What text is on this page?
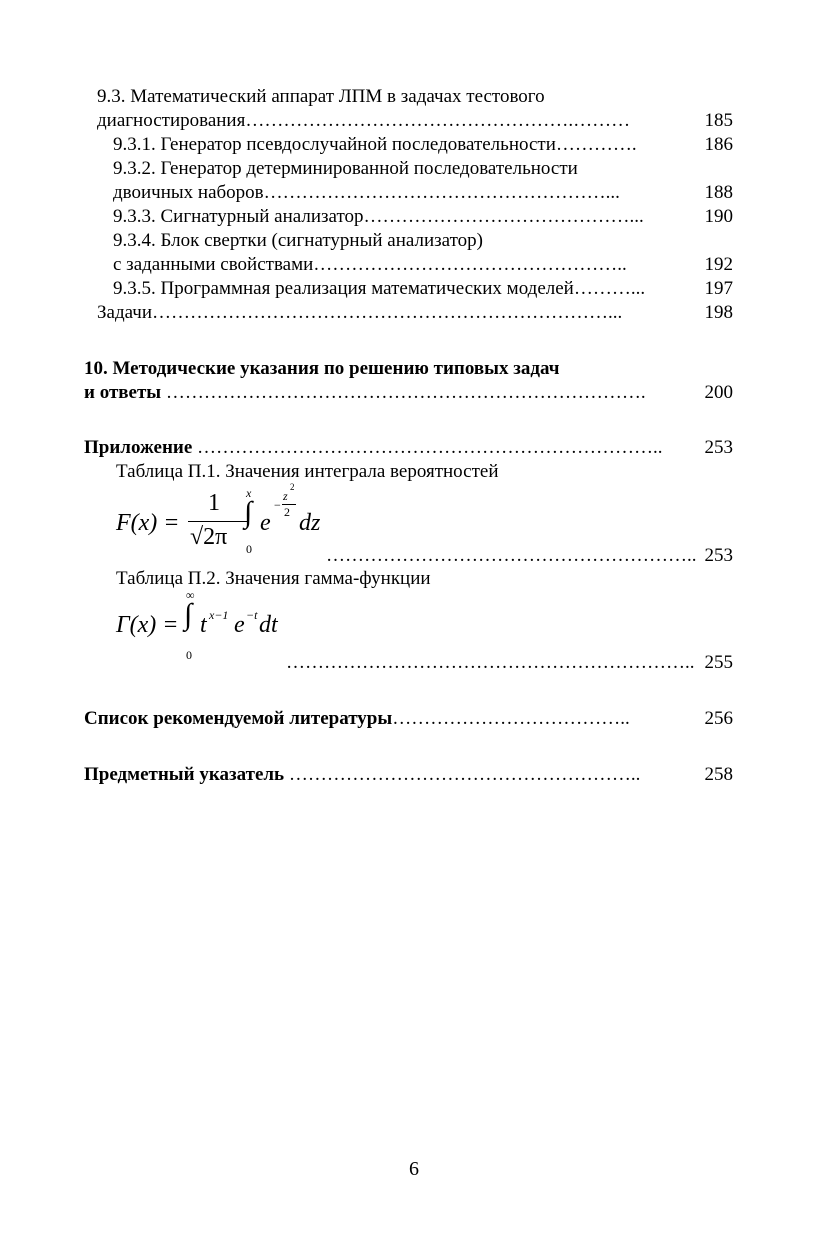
9.3. Математический аппарат ЛПМ в задачах тестового
диагностирования…………………………………………….………	185
9.3.1. Генератор псевдослучайной последовательности………….	186
9.3.2. Генератор детерминированной последовательности
двоичных наборов………………………………………………...	188
9.3.3. Сигнатурный анализатор……………………………………...	190
9.3.4. Блок свертки (сигнатурный анализатор)
с заданными свойствами…………………………………………..	192
9.3.5. Программная реализация математических моделей………...	197
Задачи………………………………………………………………...	198
10. Методические указания по решению типовых задач
и ответы ………………………………………………………………….	200
Приложение ……………………………………………………………….. 253
Таблица П.1. Значения интеграла вероятностей
F(x) =
1
√2π
x
∫
0
e
−
z
2
2 dz
………………………………………………….. 253
Таблица П.2. Значения гамма-функции
Γ(x) =
∞
∫
0
t x−1 e −t dt
……………………………………………………….. 255
Список рекомендуемой литературы………………………………..	256
Предметный указатель ………………………………………………..	258
6
